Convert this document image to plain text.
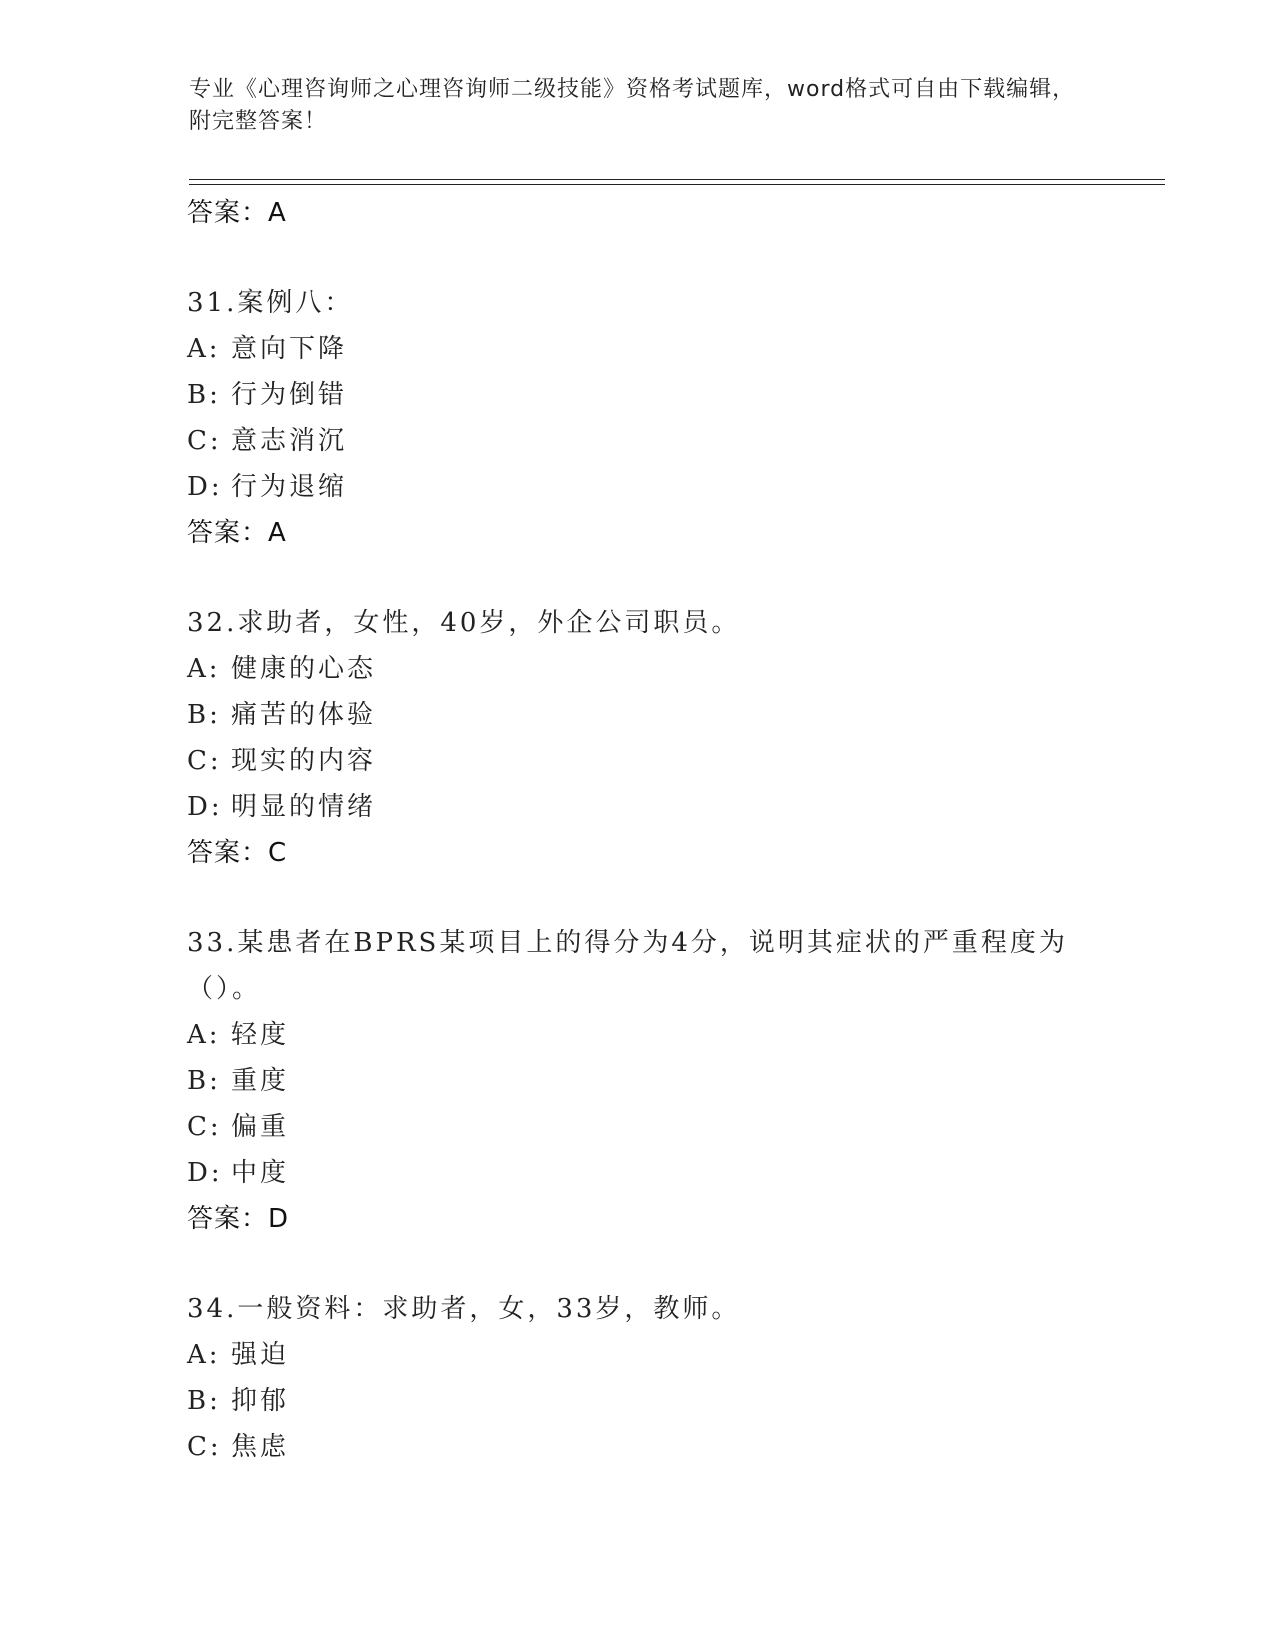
专业《心理咨询师之心理咨询师二级技能》资格考试题库，word格式可自由下载编辑，附完整答案！
答案：A
31.案例八：
A: 意向下降
B: 行为倒错
C: 意志消沉
D: 行为退缩
答案：A
32.求助者，女性，40岁，外企公司职员。
A: 健康的心态
B: 痛苦的体验
C: 现实的内容
D: 明显的情绪
答案：C
33.某患者在BPRS某项目上的得分为4分，说明其症状的严重程度为（）。
A: 轻度
B: 重度
C: 偏重
D: 中度
答案：D
34.一般资料：求助者，女，33岁，教师。
A: 强迫
B: 抑郁
C: 焦虑
